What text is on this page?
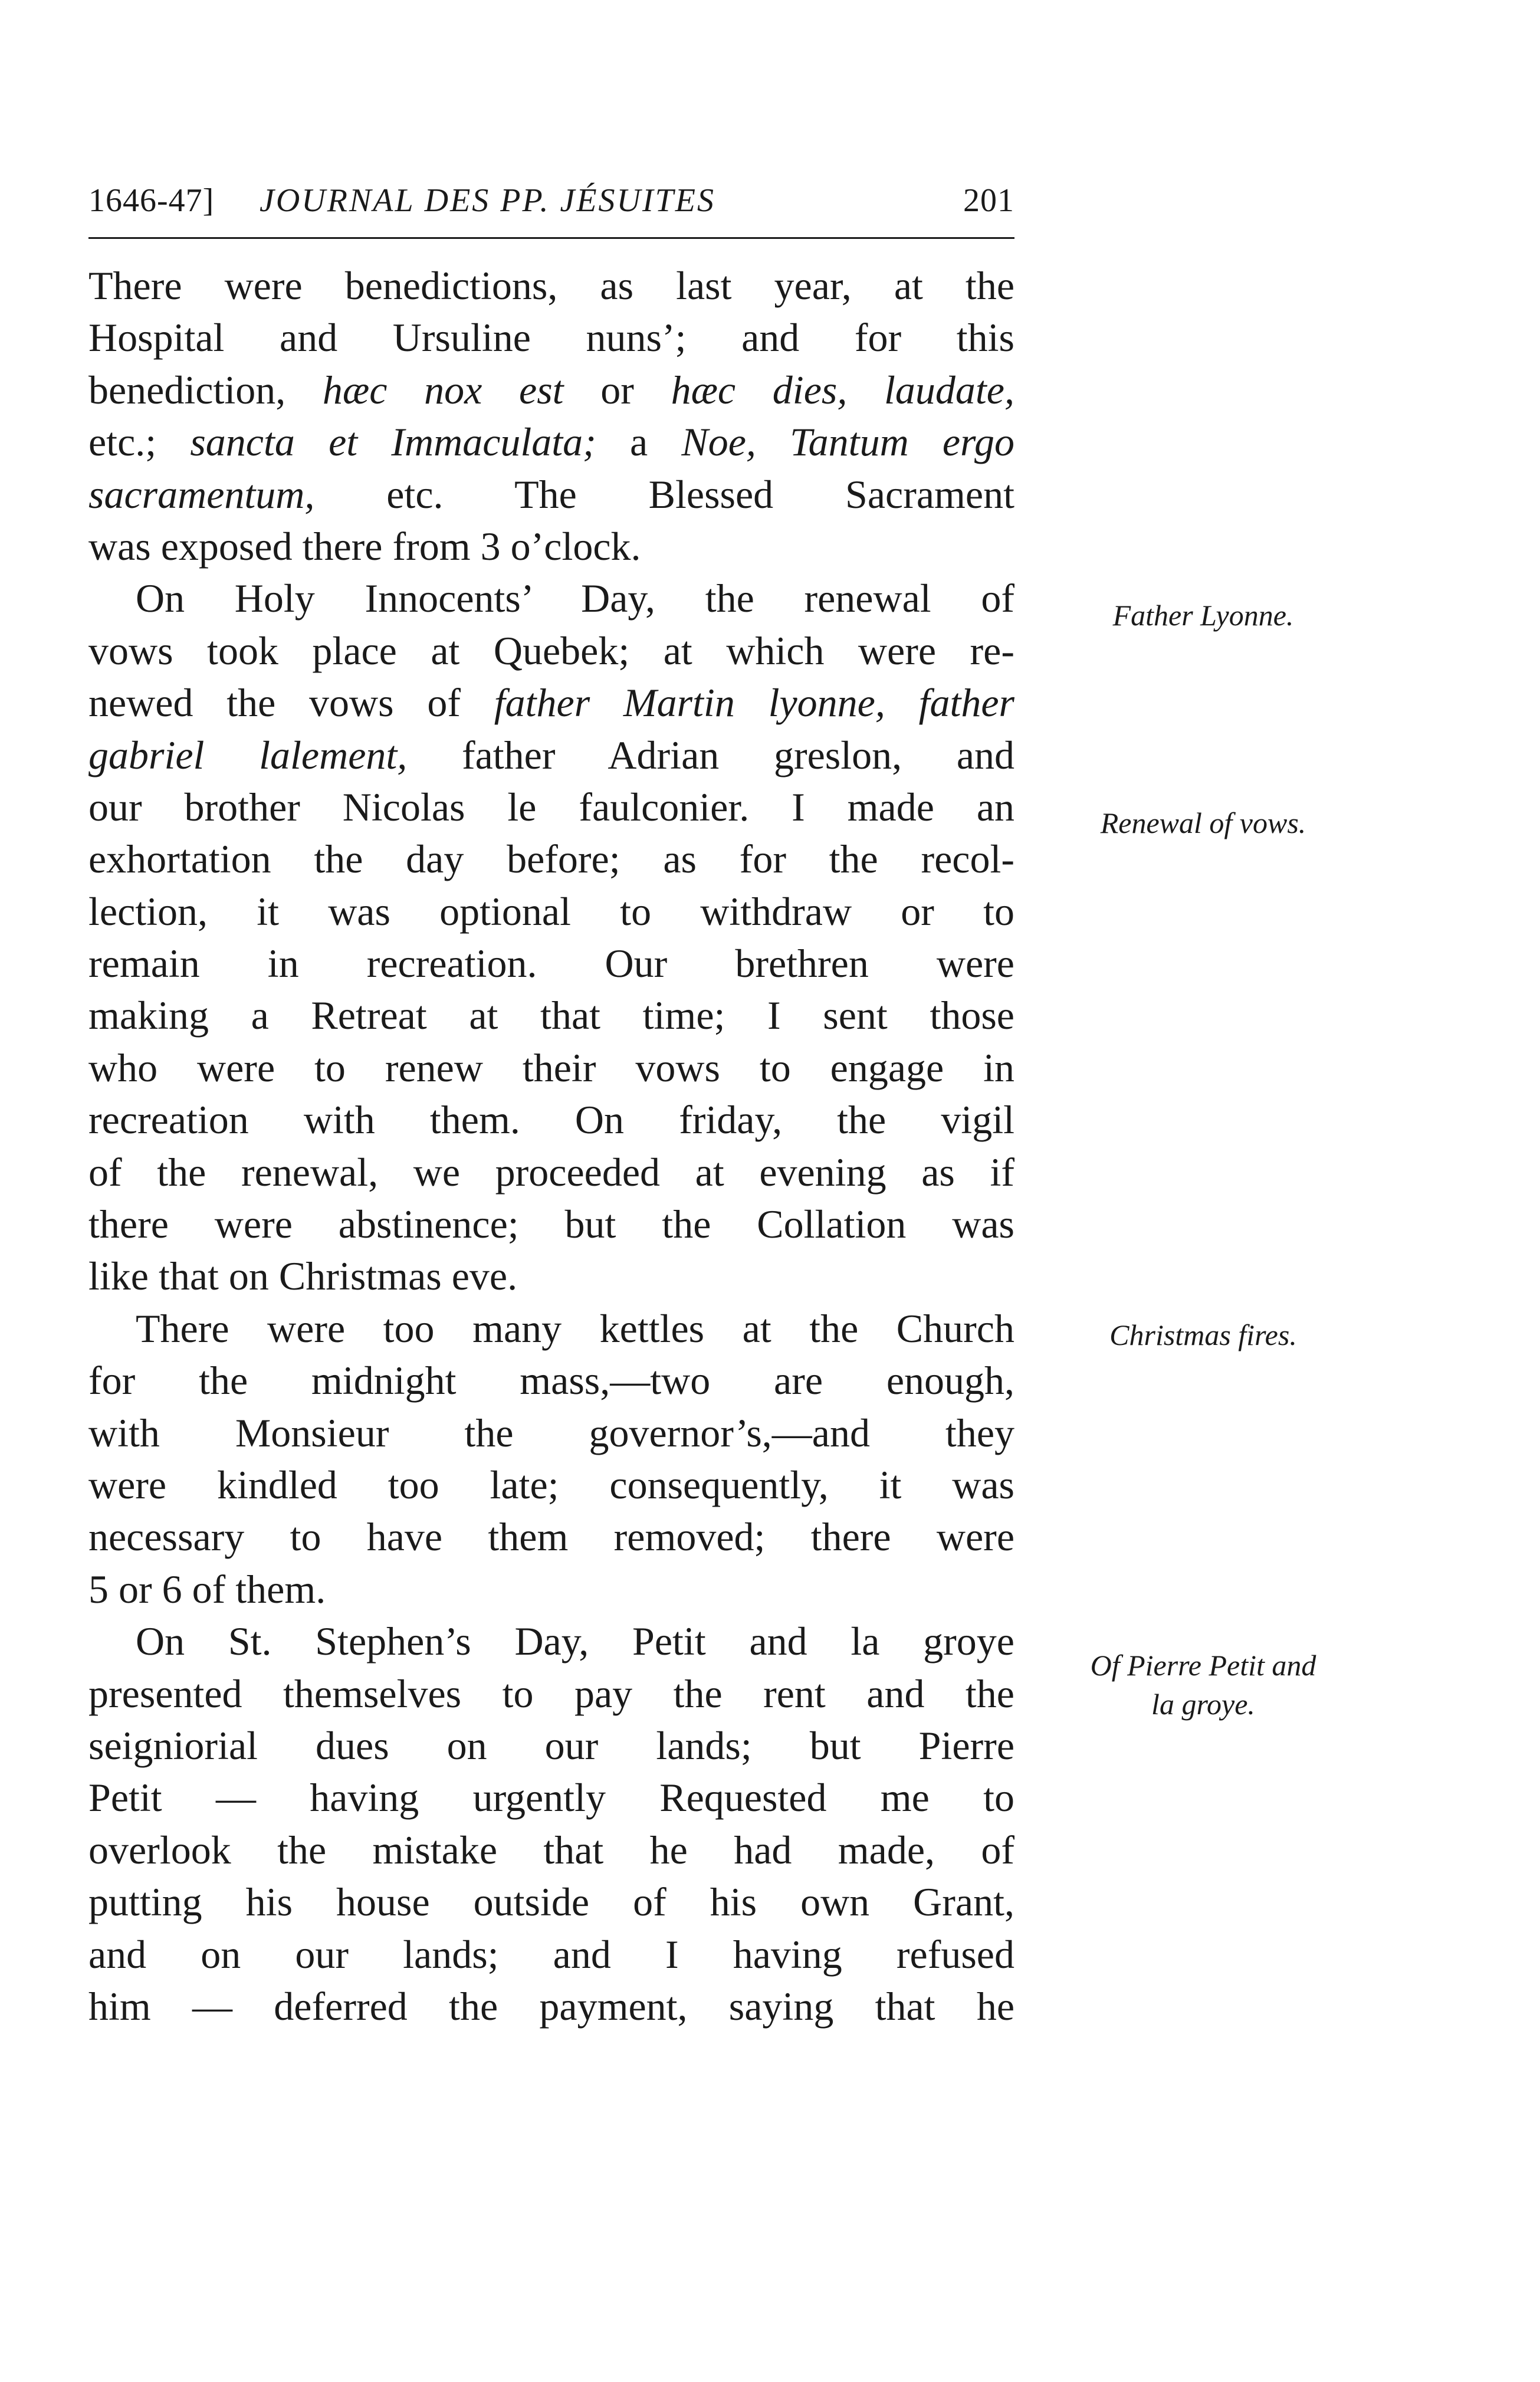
1646-47] JOURNAL DES PP. JÉSUITES	201
There were benedictions, as last year, at the
Hospital and Ursuline nuns’; and for this
benediction, hæc nox est or hæc dies, laudate,
etc.; sancta et Immaculata; a Noe, Tantum ergo
sacramentum, etc. The Blessed Sacrament
was exposed there from 3 o’clock.
On Holy Innocents’ Day, the renewal of
vows took place at Quebek; at which were re-
newed the vows of father Martin lyonne, father
gabriel lalement, father Adrian greslon, and
our brother Nicolas le faulconier. I made an
exhortation the day before; as for the recol-
lection, it was optional to withdraw or to
remain in recreation. Our brethren were
making a Retreat at that time; I sent those
who were to renew their vows to engage in
recreation with them. On friday, the vigil
of the renewal, we proceeded at evening as if
there were abstinence; but the Collation was
like that on Christmas eve.
There were too many kettles at the Church
for the midnight mass,—two are enough,
with Monsieur the governor’s,—and they
were kindled too late; consequently, it was
necessary to have them removed; there were
5 or 6 of them.
On St. Stephen’s Day, Petit and la groye
presented themselves to pay the rent and the
seigniorial dues on our lands; but Pierre
Petit — having urgently Requested me to
overlook the mistake that he had made, of
putting his house outside of his own Grant,
and on our lands; and I having refused
him — deferred the payment, saying that he
Father Lyonne.
Renewal of vows.
Christmas fires.
Of Pierre Petit and
la groye.
